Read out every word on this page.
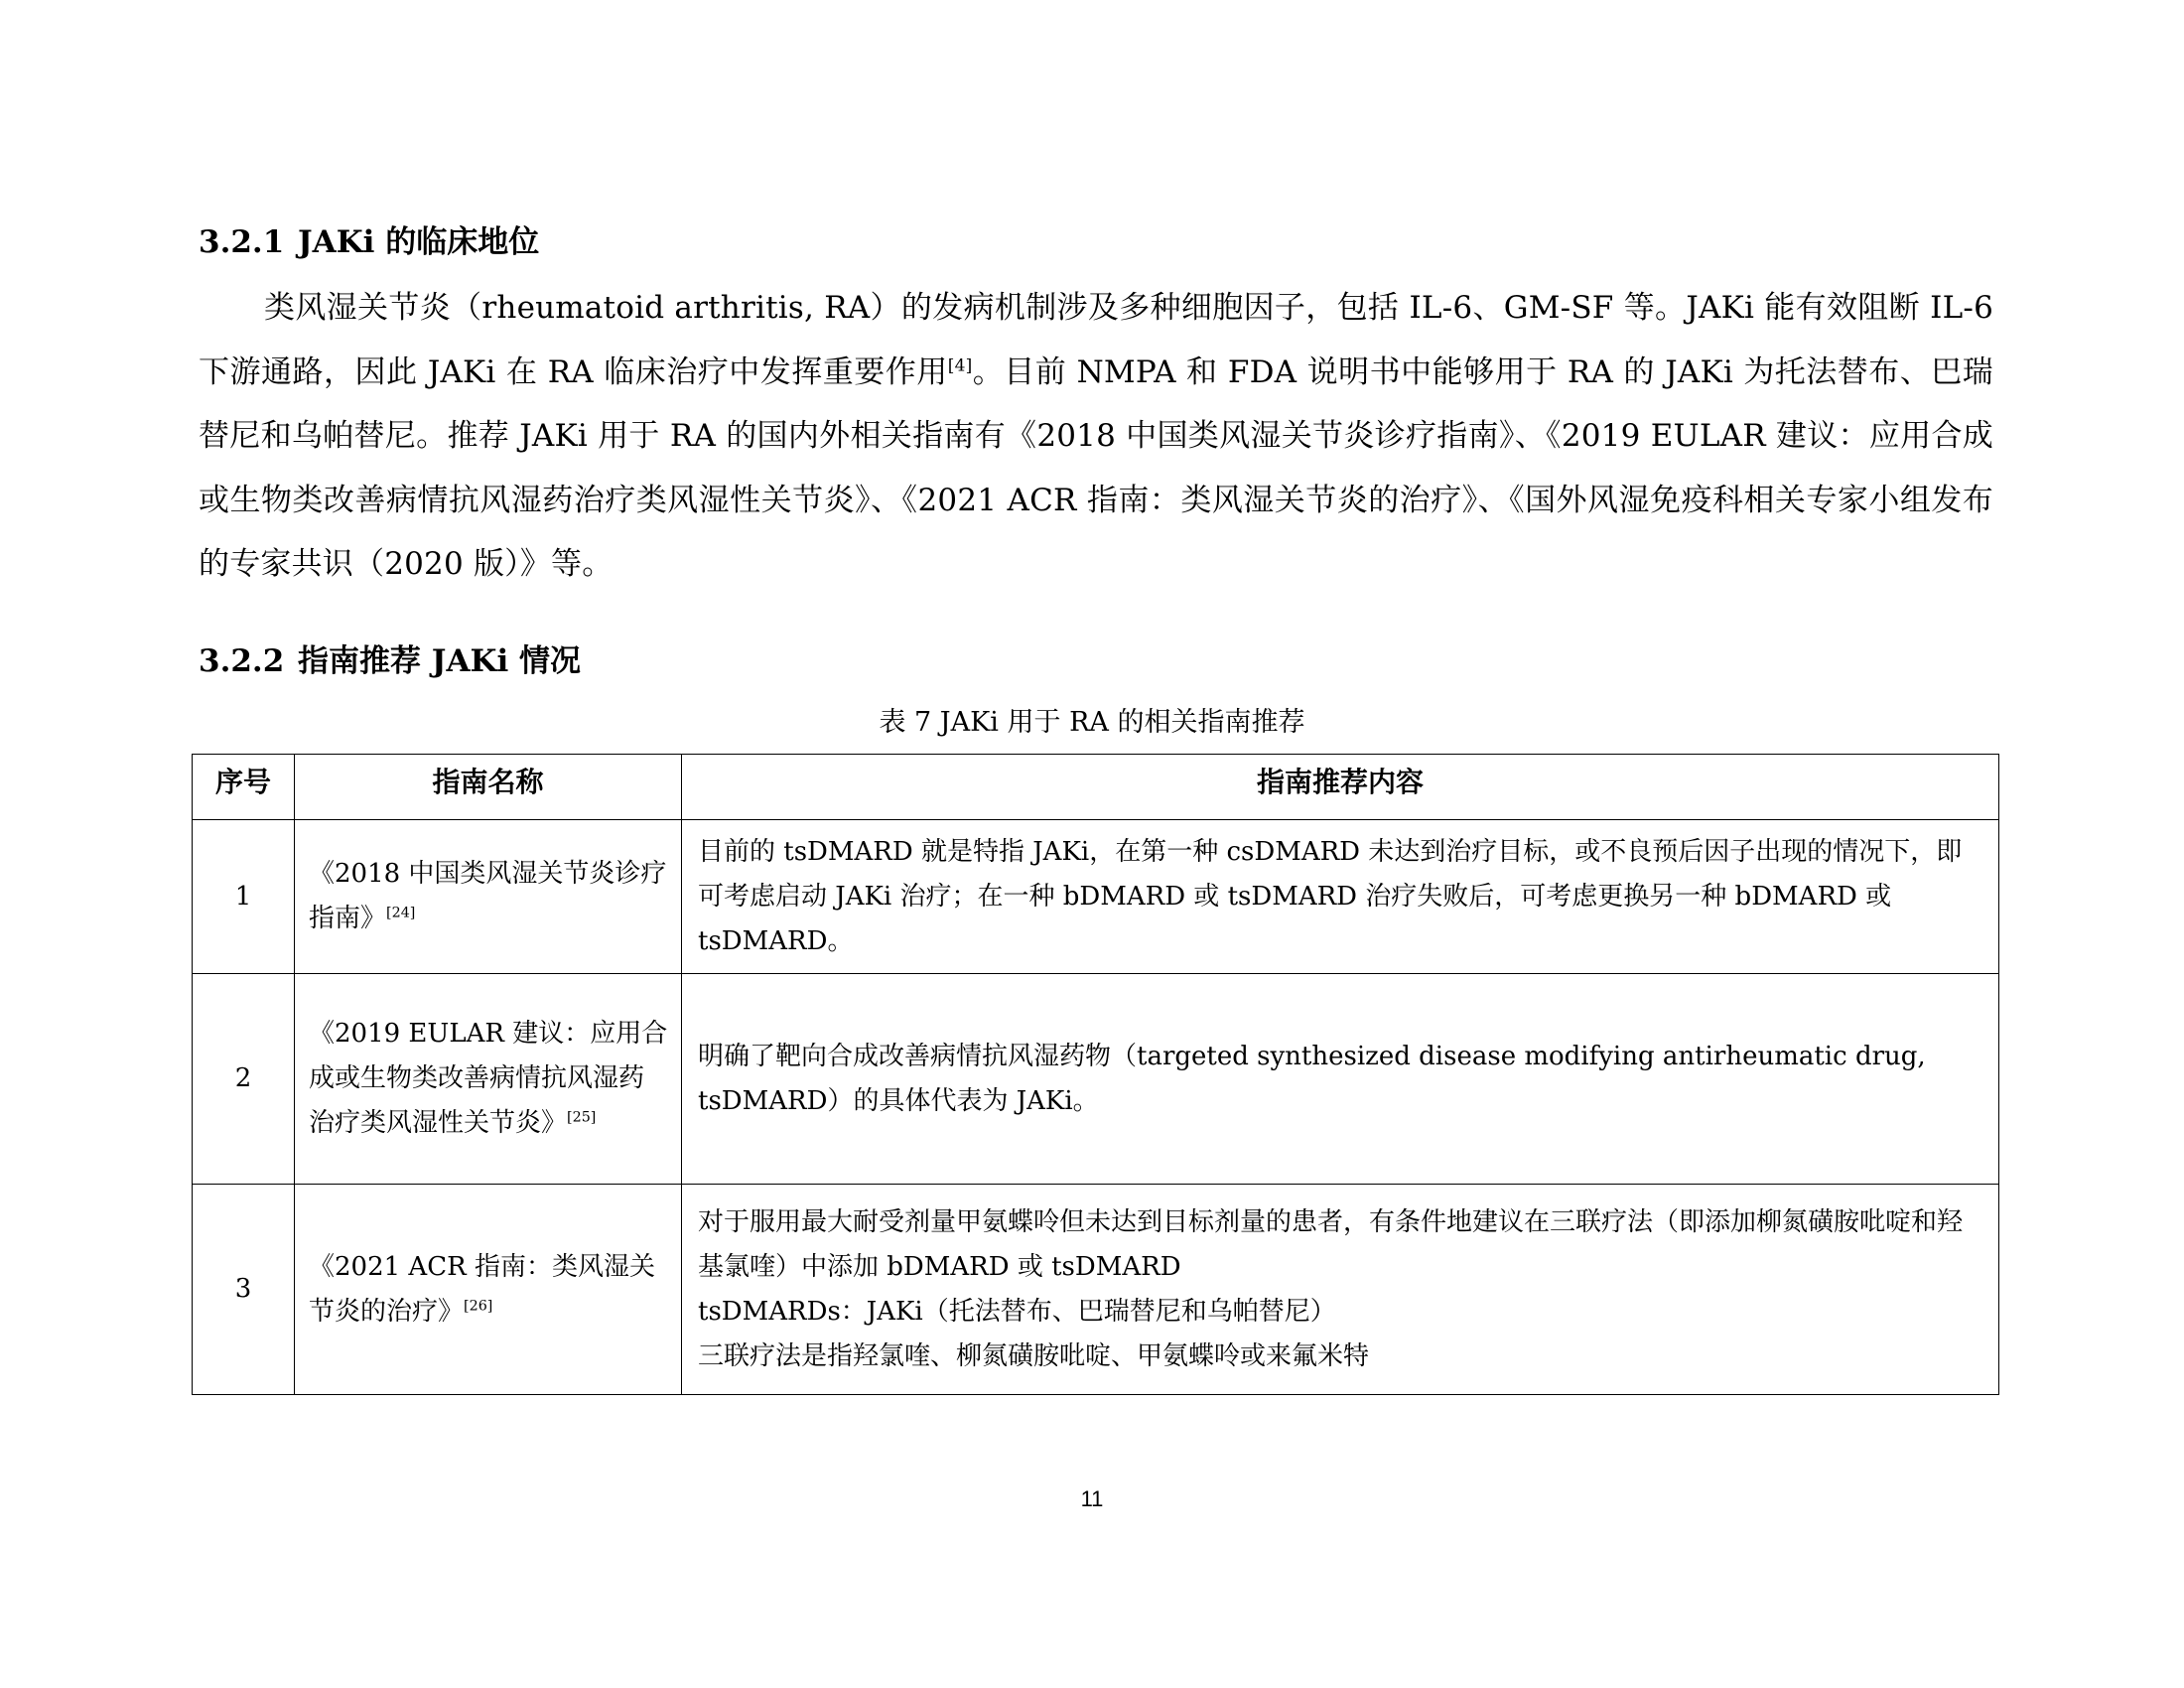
3.2.1 JAKi 的临床地位
类风湿关节炎（rheumatoid arthritis, RA）的发病机制涉及多种细胞因子，包括 IL-6、GM-SF 等。JAKi 能有效阻断 IL-6 下游通路，因此 JAKi 在 RA 临床治疗中发挥重要作用[4]。目前 NMPA 和 FDA 说明书中能够用于 RA 的 JAKi 为托法替布、巴瑞替尼和乌帕替尼。推荐 JAKi 用于 RA 的国内外相关指南有《2018 中国类风湿关节炎诊疗指南》、《2019 EULAR 建议：应用合成或生物类改善病情抗风湿药治疗类风湿性关节炎》、《2021 ACR 指南：类风湿关节炎的治疗》、《国外风湿免疫科相关专家小组发布的专家共识（2020 版）》等。
3.2.2 指南推荐 JAKi 情况
表 7 JAKi 用于 RA 的相关指南推荐
序号	指南名称	指南推荐内容
1	《2018 中国类风湿关节炎诊疗指南》[24]	目前的 tsDMARD 就是特指 JAKi，在第一种 csDMARD 未达到治疗目标，或不良预后因子出现的情况下，即可考虑启动 JAKi 治疗；在一种 bDMARD 或 tsDMARD 治疗失败后，可考虑更换另一种 bDMARD 或 tsDMARD。

2	《2019 EULAR 建议：应用合成或生物类改善病情抗风湿药治疗类风湿性关节炎》[25]	明确了靶向合成改善病情抗风湿药物（targeted synthesized disease modifying antirheumatic drug, tsDMARD）的具体代表为 JAKi。

3	《2021 ACR 指南：类风湿关节炎的治疗》[26]	对于服用最大耐受剂量甲氨蝶呤但未达到目标剂量的患者，有条件地建议在三联疗法（即添加柳氮磺胺吡啶和羟基氯喹）中添加 bDMARD 或 tsDMARD
tsDMARDs：JAKi（托法替布、巴瑞替尼和乌帕替尼）
三联疗法是指羟氯喹、柳氮磺胺吡啶、甲氨蝶呤或来氟米特
11
